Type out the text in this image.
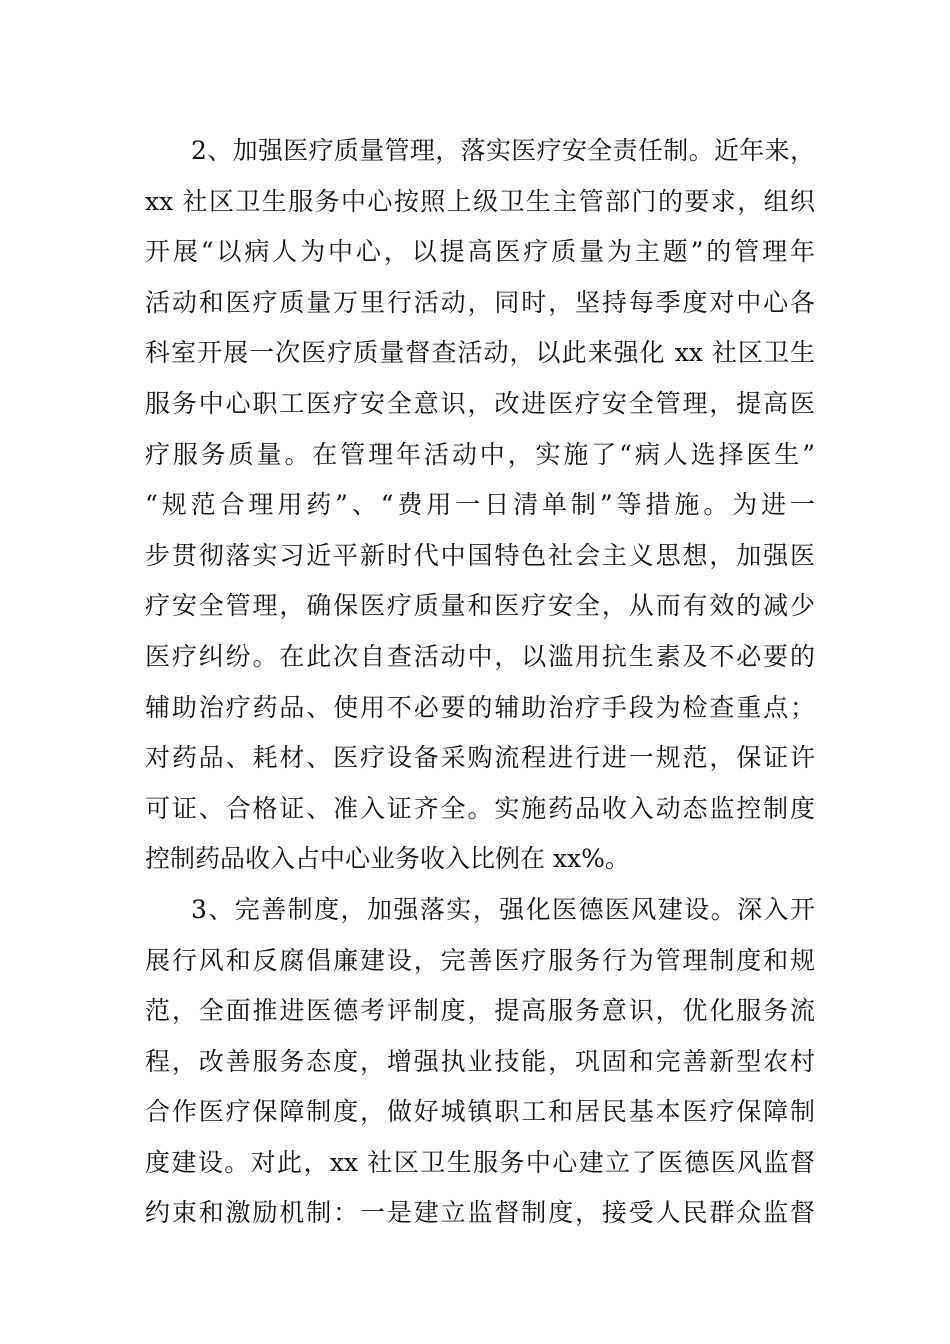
2、加强医疗质量管理，落实医疗安全责任制。近年来，
xx 社区卫生服务中心按照上级卫生主管部门的要求，组织
开展“以病人为中心，以提高医疗质量为主题”的管理年
活动和医疗质量万里行活动，同时，坚持每季度对中心各
科室开展一次医疗质量督查活动，以此来强化 xx 社区卫生
服务中心职工医疗安全意识，改进医疗安全管理，提高医
疗服务质量。在管理年活动中，实施了“病人选择医生”
“规范合理用药”、“费用一日清单制”等措施。为进一
步贯彻落实习近平新时代中国特色社会主义思想，加强医
疗安全管理，确保医疗质量和医疗安全，从而有效的减少
医疗纠纷。在此次自查活动中，以滥用抗生素及不必要的
辅助治疗药品、使用不必要的辅助治疗手段为检查重点；
对药品、耗材、医疗设备采购流程进行进一规范，保证许
可证、合格证、准入证齐全。实施药品收入动态监控制度
控制药品收入占中心业务收入比例在 xx%。
3、完善制度，加强落实，强化医德医风建设。深入开
展行风和反腐倡廉建设，完善医疗服务行为管理制度和规
范，全面推进医德考评制度，提高服务意识，优化服务流
程，改善服务态度，增强执业技能，巩固和完善新型农村
合作医疗保障制度，做好城镇职工和居民基本医疗保障制
度建设。对此，xx 社区卫生服务中心建立了医德医风监督
约束和激励机制：一是建立监督制度，接受人民群众监督
